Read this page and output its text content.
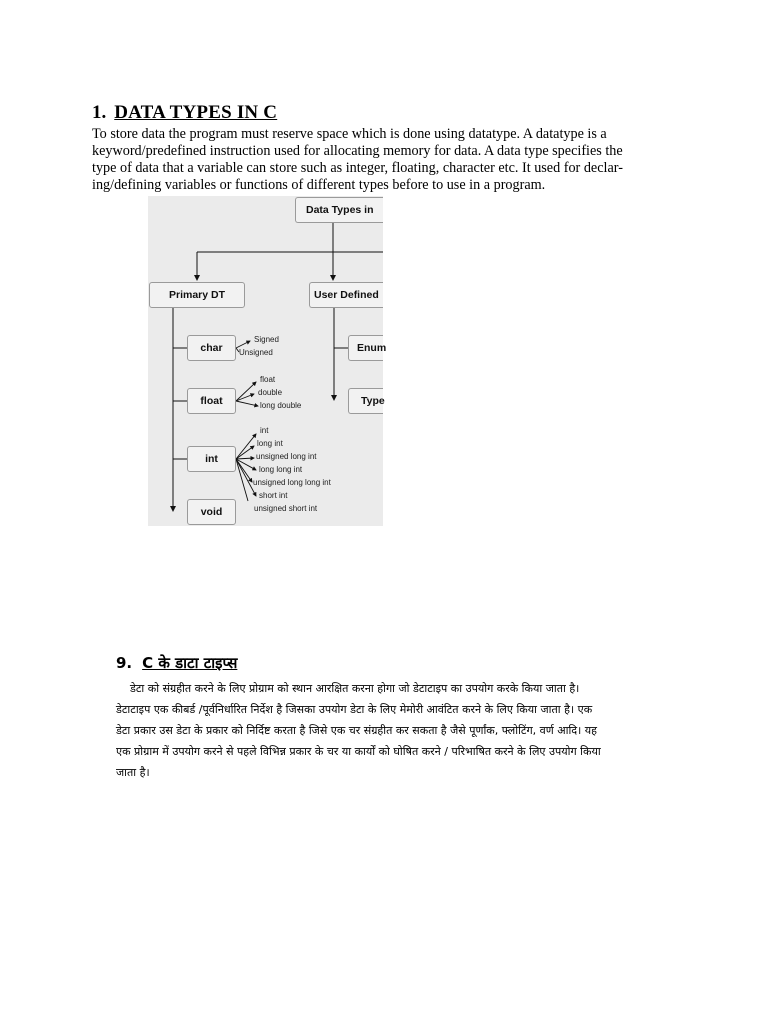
1. DATA TYPES IN C

To store data the program must reserve space which is done using datatype. A datatype is a
keyword/predefined instruction used for allocating memory for data. A data type specifies the
type of data that a variable can store such as integer, floating, character etc. It used for declar-
ing/defining variables or functions of different types before to use in a program.

Data Types in
Primary DT	User Defined
char
float
int
void
Enum
Type
Signed
Unsigned
float
double
long double
int
long int
unsigned long int
long long int
unsigned long long int
short int
unsigned short int
9. C के डाटा टाइप्स

डेटा को संग्रहीत करने के लिए प्रोग्राम को स्थान आरक्षित करना होगा जो डेटाटाइप का उपयोग करके किया जाता है।
डेटाटाइप एक कीबर्ड /पूर्वनिर्धारित निर्देश है जिसका उपयोग डेटा के लिए मेमोरी आवंटित करने के लिए किया जाता है। एक
डेटा प्रकार उस डेटा के प्रकार को निर्दिष्ट करता है जिसे एक चर संग्रहीत कर सकता है जैसे पूर्णांक, फ्लोटिंग, वर्ण आदि। यह
एक प्रोग्राम में उपयोग करने से पहले विभिन्न प्रकार के चर या कार्यों को घोषित करने / परिभाषित करने के लिए उपयोग किया
जाता है।
